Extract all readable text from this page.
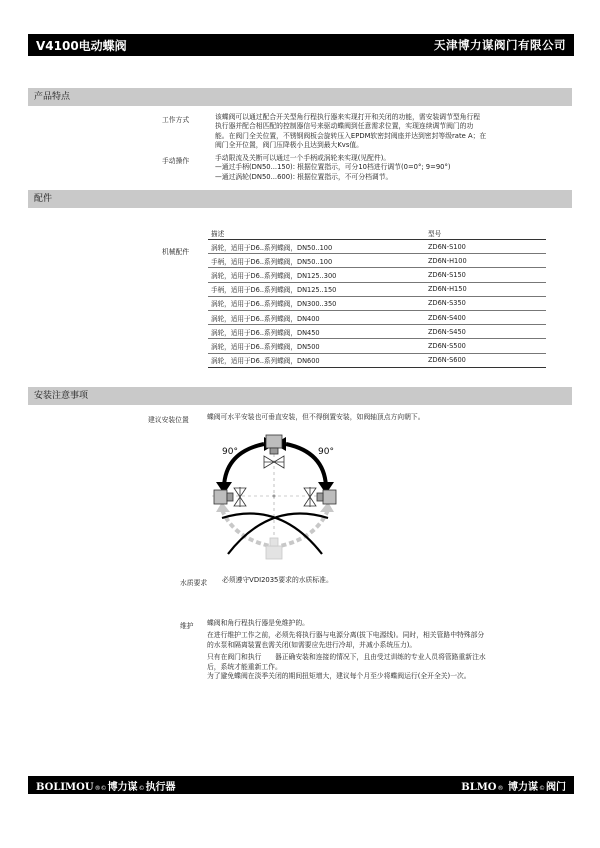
V4100电动蝶阀	天津博力谋阀门有限公司
产品特点
工作方式	该蝶阀可以通过配合开关型角行程执行器来实现打开和关闭的功能，需安装调节型角行程
执行器并配合相匹配的控制器信号来驱动蝶阀到任意需求位置，实现连续调节阀门的功
能。在阀门全关位置，不锈钢阀板会旋转压入EPDM软密封阀座并达到密封等级rate A；在
阀门全开位置，阀门压降极小且达到最大Kvs值。
手动操作	手动限流及关断可以通过一个手柄或涡轮来实现(见配件)。
—通过手柄(DN50...150): 根据位置指示，可分10档进行调节(0=0°; 9=90°)
—通过涡轮(DN50...600): 根据位置指示，不可分档调节。
配件
机械配件
描述	型号
涡轮，适用于D6..系列蝶阀，DN50..100	ZD6N-S100
手柄，适用于D6..系列蝶阀，DN50..100	ZD6N-H100
涡轮，适用于D6..系列蝶阀，DN125..300	ZD6N-S150
手柄，适用于D6..系列蝶阀，DN125..150	ZD6N-H150
涡轮，适用于D6..系列蝶阀，DN300..350	ZD6N-S350
涡轮，适用于D6..系列蝶阀，DN400	ZD6N-S400
涡轮，适用于D6..系列蝶阀，DN450	ZD6N-S450
涡轮，适用于D6..系列蝶阀，DN500	ZD6N-S500
涡轮，适用于D6..系列蝶阀，DN600	ZD6N-S600
安装注意事项
建议安装位置	蝶阀可水平安装也可垂直安装，但不得倒置安装，如阀轴顶点方向朝下。
90°	90°
水质要求 必须遵守VDI2035要求的水质标准。
维护 蝶阀和角行程执行器是免维护的。
在进行维护工作之前，必须先将执行器与电源分离(拔下电源线)。同时，相关管路中特殊部分
的水泵和隔离装置也需关闭(如需要应先进行冷却，并减小系统压力)。
只有在阀门和执行　　器正确安装和连接的情况下，且由受过训练的专业人员将管路重新注水
后，系统才能重新工作。
为了避免蝶阀在淡季关闭的期间扭矩增大，建议每个月至少将蝶阀运行(全开全关)一次。
BOLIMOU®©博力谋©执行器	BLMO® 博力谋©阀门
